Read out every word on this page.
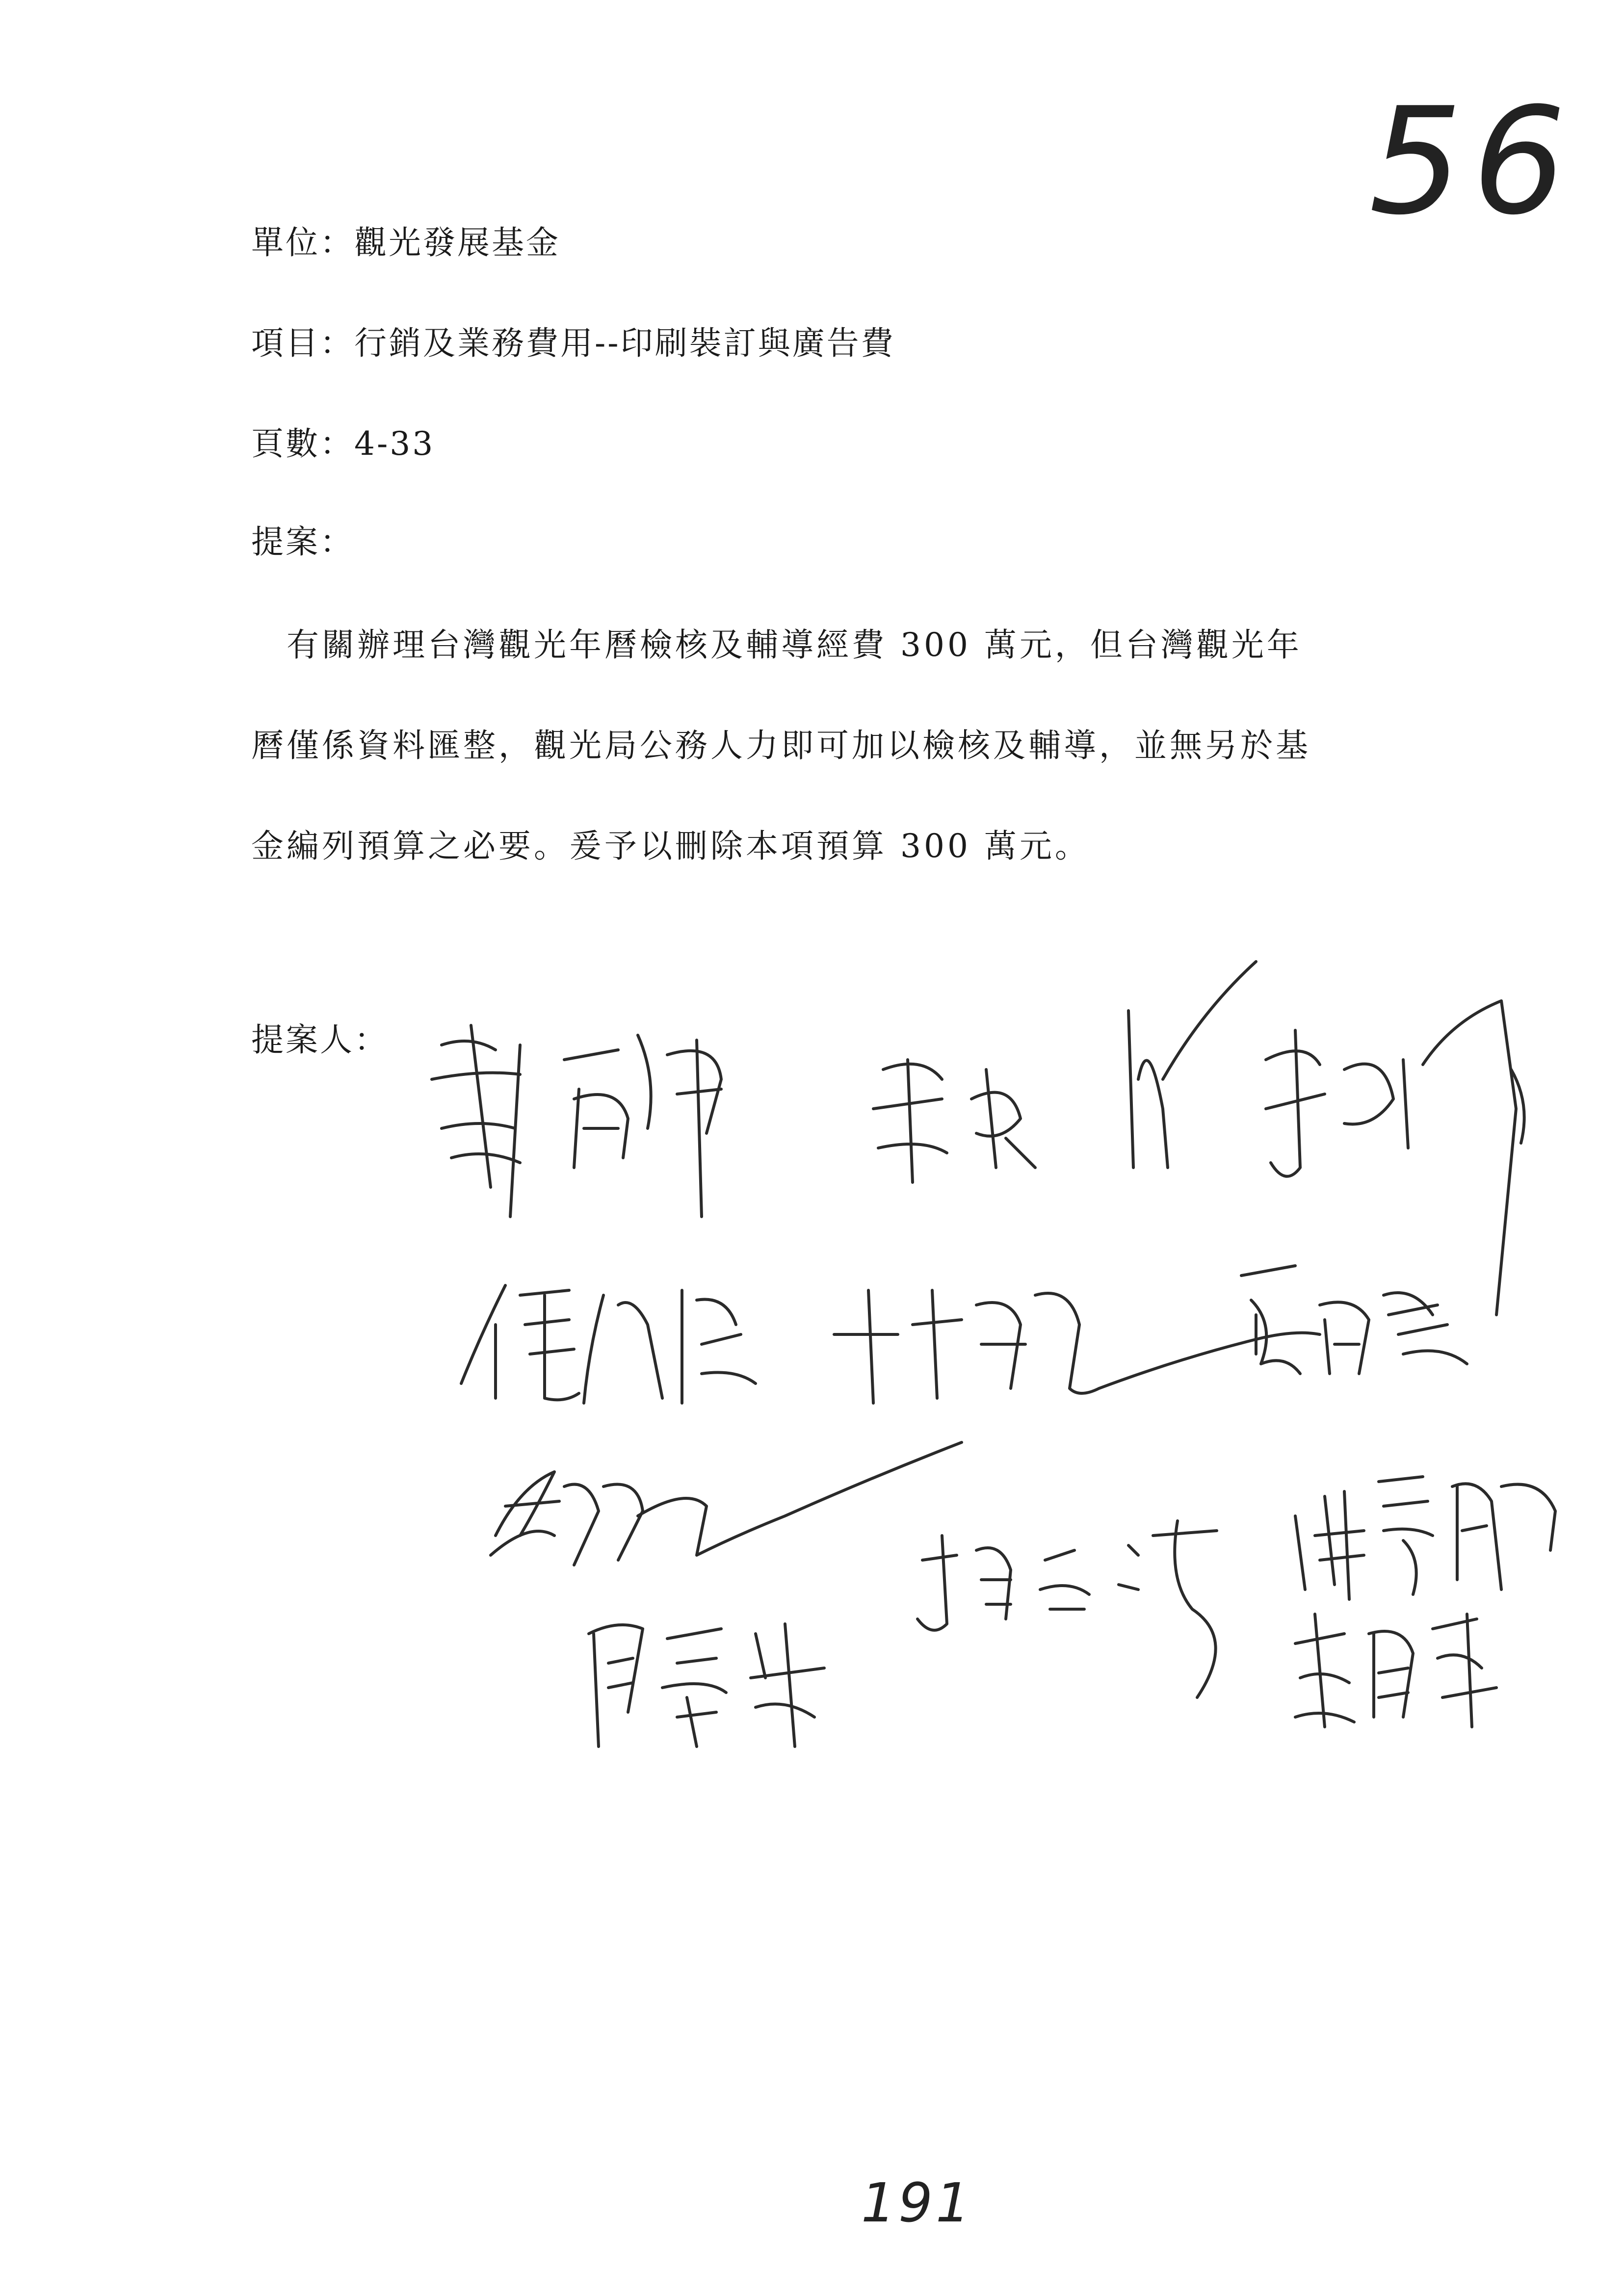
56
單位：觀光發展基金
項目：行銷及業務費用--印刷裝訂與廣告費
頁數：4-33
提案：
　有關辦理台灣觀光年曆檢核及輔導經費 300 萬元，但台灣觀光年
曆僅係資料匯整，觀光局公務人力即可加以檢核及輔導，並無另於基
金編列預算之必要。爰予以刪除本項預算 300 萬元。
提案人：
191
